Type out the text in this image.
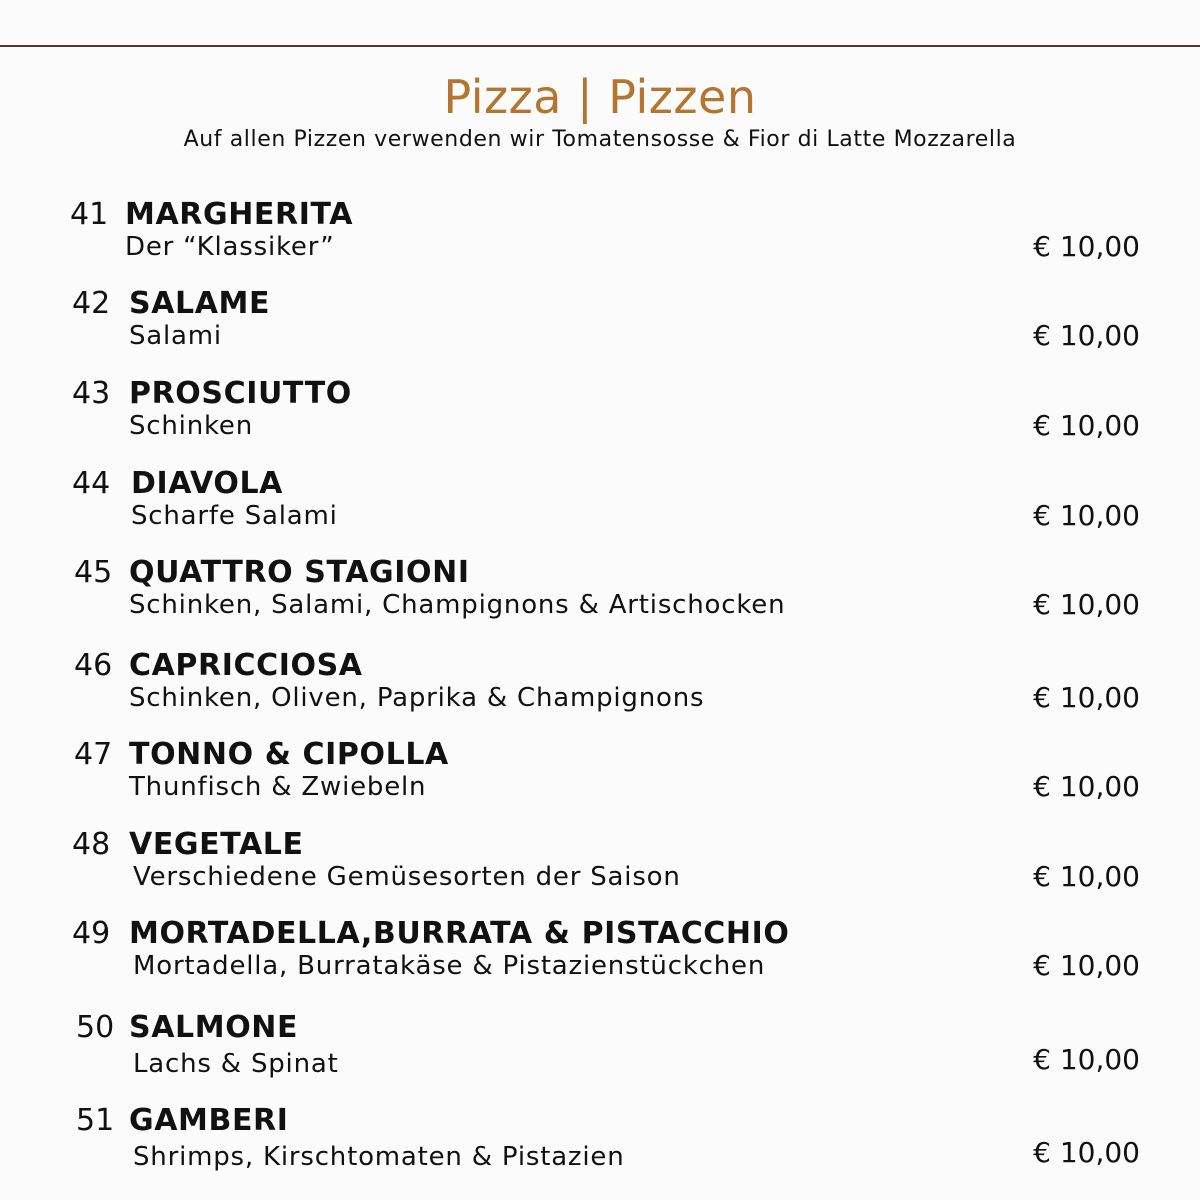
Pizza | Pizzen
Auf allen Pizzen verwenden wir Tomatensosse & Fior di Latte Mozzarella
41 MARGHERITA
Der “Klassiker”	€ 10,00
42 SALAME
Salami	€ 10,00
43 PROSCIUTTO
Schinken	€ 10,00
44 DIAVOLA
Scharfe Salami	€ 10,00
45 QUATTRO STAGIONI
Schinken, Salami, Champignons & Artischocken	€ 10,00
46 CAPRICCIOSA
Schinken, Oliven, Paprika & Champignons	€ 10,00
47 TONNO & CIPOLLA
Thunfisch & Zwiebeln	€ 10,00
48 VEGETALE
Verschiedene Gemüsesorten der Saison	€ 10,00
49 MORTADELLA,BURRATA & PISTACCHIO
Mortadella, Burratakäse & Pistazienstückchen	€ 10,00
50 SALMONE
Lachs & Spinat	€ 10,00
51 GAMBERI
Shrimps, Kirschtomaten & Pistazien	€ 10,00
